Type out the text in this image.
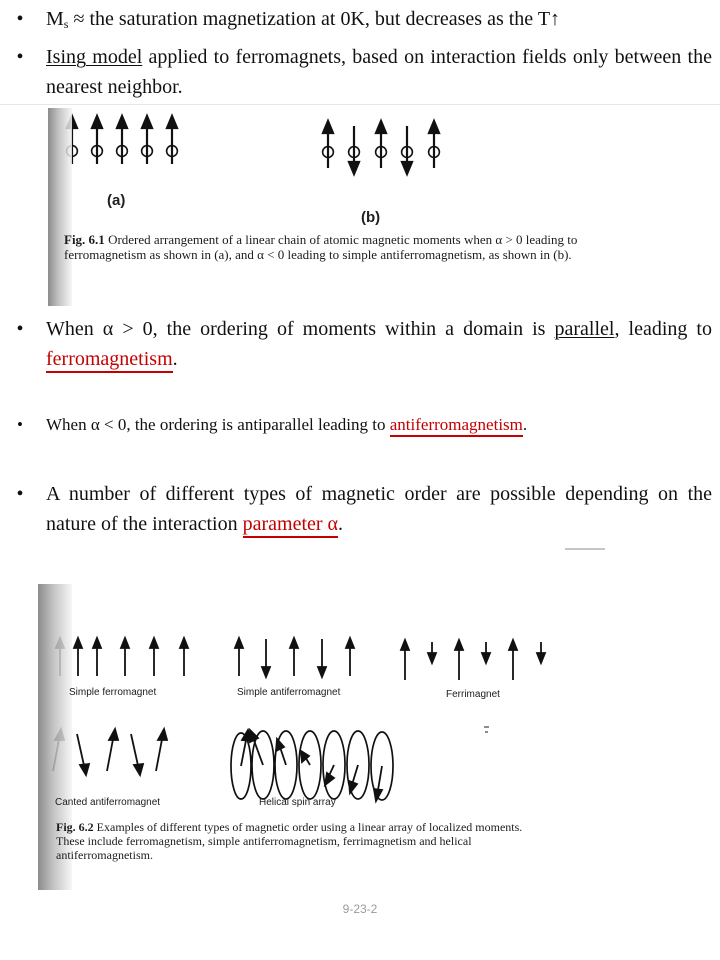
•	$M_s$ ≈ the saturation magnetization at 0K, but decreases as the T↑
•	Ising model applied to ferromagnets, based on interaction fields only between the nearest neighbor.
(a)
(b)
Fig. 6.1 Ordered arrangement of a linear chain of atomic magnetic moments when α > 0 leading to ferromagnetism as shown in (a), and α < 0 leading to simple antiferromagnetism, as shown in (b).
•	When α > 0, the ordering of moments within a domain is parallel, leading to ferromagnetism.
•	When α < 0, the ordering is antiparallel leading to antiferromagnetism.
•	A number of different types of magnetic order are possible depending on the nature of the interaction parameter α.
Simple ferromagnet	Simple antiferromagnet	Ferrimagnet
Canted antiferromagnet	Helical spin array
Fig. 6.2 Examples of different types of magnetic order using a linear array of localized moments. These include ferromagnetism, simple antiferromagnetism, ferrimagnetism and helical antiferromagnetism.
9-23-2
